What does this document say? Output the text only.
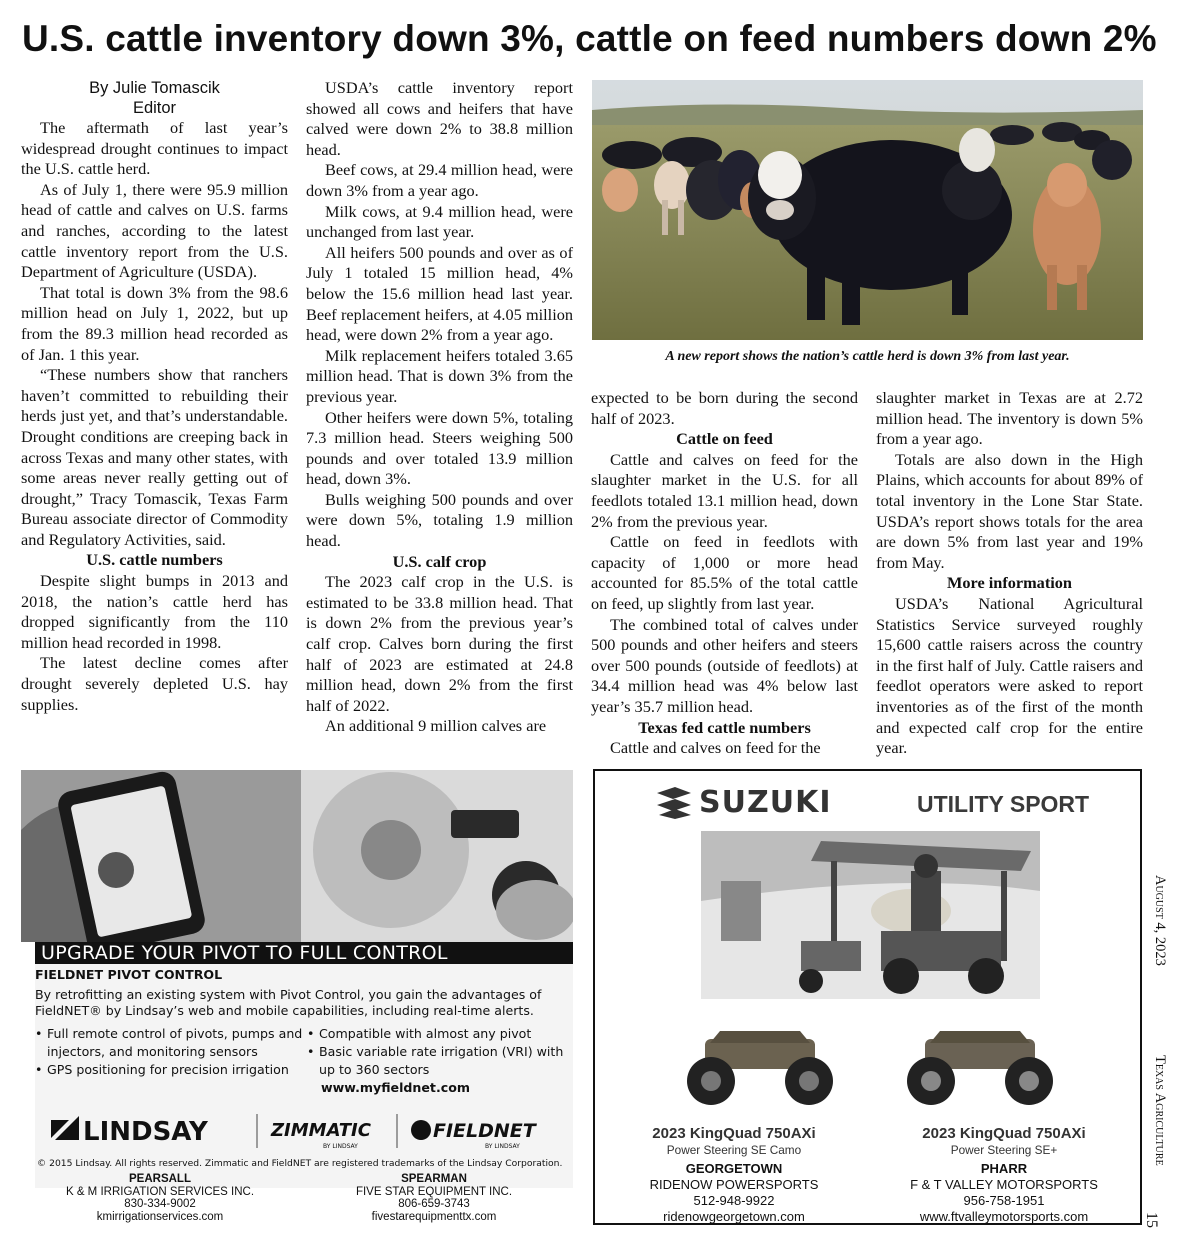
U.S. cattle inventory down 3%, cattle on feed numbers down 2%
By Julie Tomascik
Editor

The aftermath of last year’s widespread drought continues to impact the U.S. cattle herd.

As of July 1, there were 95.9 million head of cattle and calves on U.S. farms and ranches, according to the latest cattle inventory report from the U.S. Department of Agriculture (USDA).

That total is down 3% from the 98.6 million head on July 1, 2022, but up from the 89.3 million head recorded as of Jan. 1 this year.

“These numbers show that ranchers haven’t committed to rebuilding their herds just yet, and that’s understandable. Drought conditions are creeping back in across Texas and many other states, with some areas never really getting out of drought,” Tracy Tomascik, Texas Farm Bureau associate director of Commodity and Regulatory Activities, said.

U.S. cattle numbers

Despite slight bumps in 2013 and 2018, the nation’s cattle herd has dropped significantly from the 110 million head recorded in 1998.

The latest decline comes after drought severely depleted U.S. hay supplies.

USDA’s cattle inventory report showed all cows and heifers that have calved were down 2% to 38.8 million head.

Beef cows, at 29.4 million head, were down 3% from a year ago.

Milk cows, at 9.4 million head, were unchanged from last year.

All heifers 500 pounds and over as of July 1 totaled 15 million head, 4% below the 15.6 million head last year. Beef replacement heifers, at 4.05 million head, were down 2% from a year ago.

Milk replacement heifers totaled 3.65 million head. That is down 3% from the previous year.

Other heifers were down 5%, totaling 7.3 million head. Steers weighing 500 pounds and over totaled 13.9 million head, down 3%.

Bulls weighing 500 pounds and over were down 5%, totaling 1.9 million head.

U.S. calf crop

The 2023 calf crop in the U.S. is estimated to be 33.8 million head. That is down 2% from the previous year’s calf crop. Calves born during the first half of 2023 are estimated at 24.8 million head, down 2% from the first half of 2022.

An additional 9 million calves are

A new report shows the nation’s cattle herd is down 3% from last year.

expected to be born during the second half of 2023.

Cattle on feed

Cattle and calves on feed for the slaughter market in the U.S. for all feedlots totaled 13.1 million head, down 2% from the previous year.

Cattle on feed in feedlots with capacity of 1,000 or more head accounted for 85.5% of the total cattle on feed, up slightly from last year.

The combined total of calves under 500 pounds and other heifers and steers over 500 pounds (outside of feedlots) at 34.4 million head was 4% below last year’s 35.7 million head.

Texas fed cattle numbers

Cattle and calves on feed for the

slaughter market in Texas are at 2.72 million head. The inventory is down 5% from a year ago.

Totals are also down in the High Plains, which accounts for about 89% of total inventory in the Lone Star State. USDA’s report shows totals for the area are down 5% from last year and 19% from May.

More information

USDA’s National Agricultural Statistics Service surveyed roughly 15,600 cattle raisers across the country in the first half of July. Cattle raisers and feedlot operators were asked to report inventories as of the first of the month and expected calf crop for the entire year.

UPGRADE YOUR PIVOT TO FULL CONTROL
FIELDNET PIVOT CONTROL
By retrofitting an existing system with Pivot Control, you gain the advantages of FieldNET® by Lindsay’s web and mobile capabilities, including real-time alerts.
• Full remote control of pivots, pumps and injectors, and monitoring sensors
• GPS positioning for precision irrigation
• Compatible with almost any pivot
• Basic variable rate irrigation (VRI) with up to 360 sectors
www.myfieldnet.com
LINDSAY	ZIMMATIC
BY LINDSAY
FIELDNET
BY LINDSAY
© 2015 Lindsay. All rights reserved. Zimmatic and FieldNET are registered trademarks of the Lindsay Corporation.
PEARSALL
K & M IRRIGATION SERVICES INC.
830-334-9002
kmirrigationservices.com
SPEARMAN
FIVE STAR EQUIPMENT INC.
806-659-3743
fivestarequipmenttx.com
SUZUKI	UTILITY SPORT
2023 KingQuad 750AXi
Power Steering SE Camo
GEORGETOWN
RIDENOW POWERSPORTS
512-948-9922
ridenowgeorgetown.com
2023 KingQuad 750AXi
Power Steering SE+
PHARR
F & T VALLEY MOTORSPORTS
956-758-1951
www.ftvalleymotorsports.com
August 4, 2023
Texas Agriculture
15
